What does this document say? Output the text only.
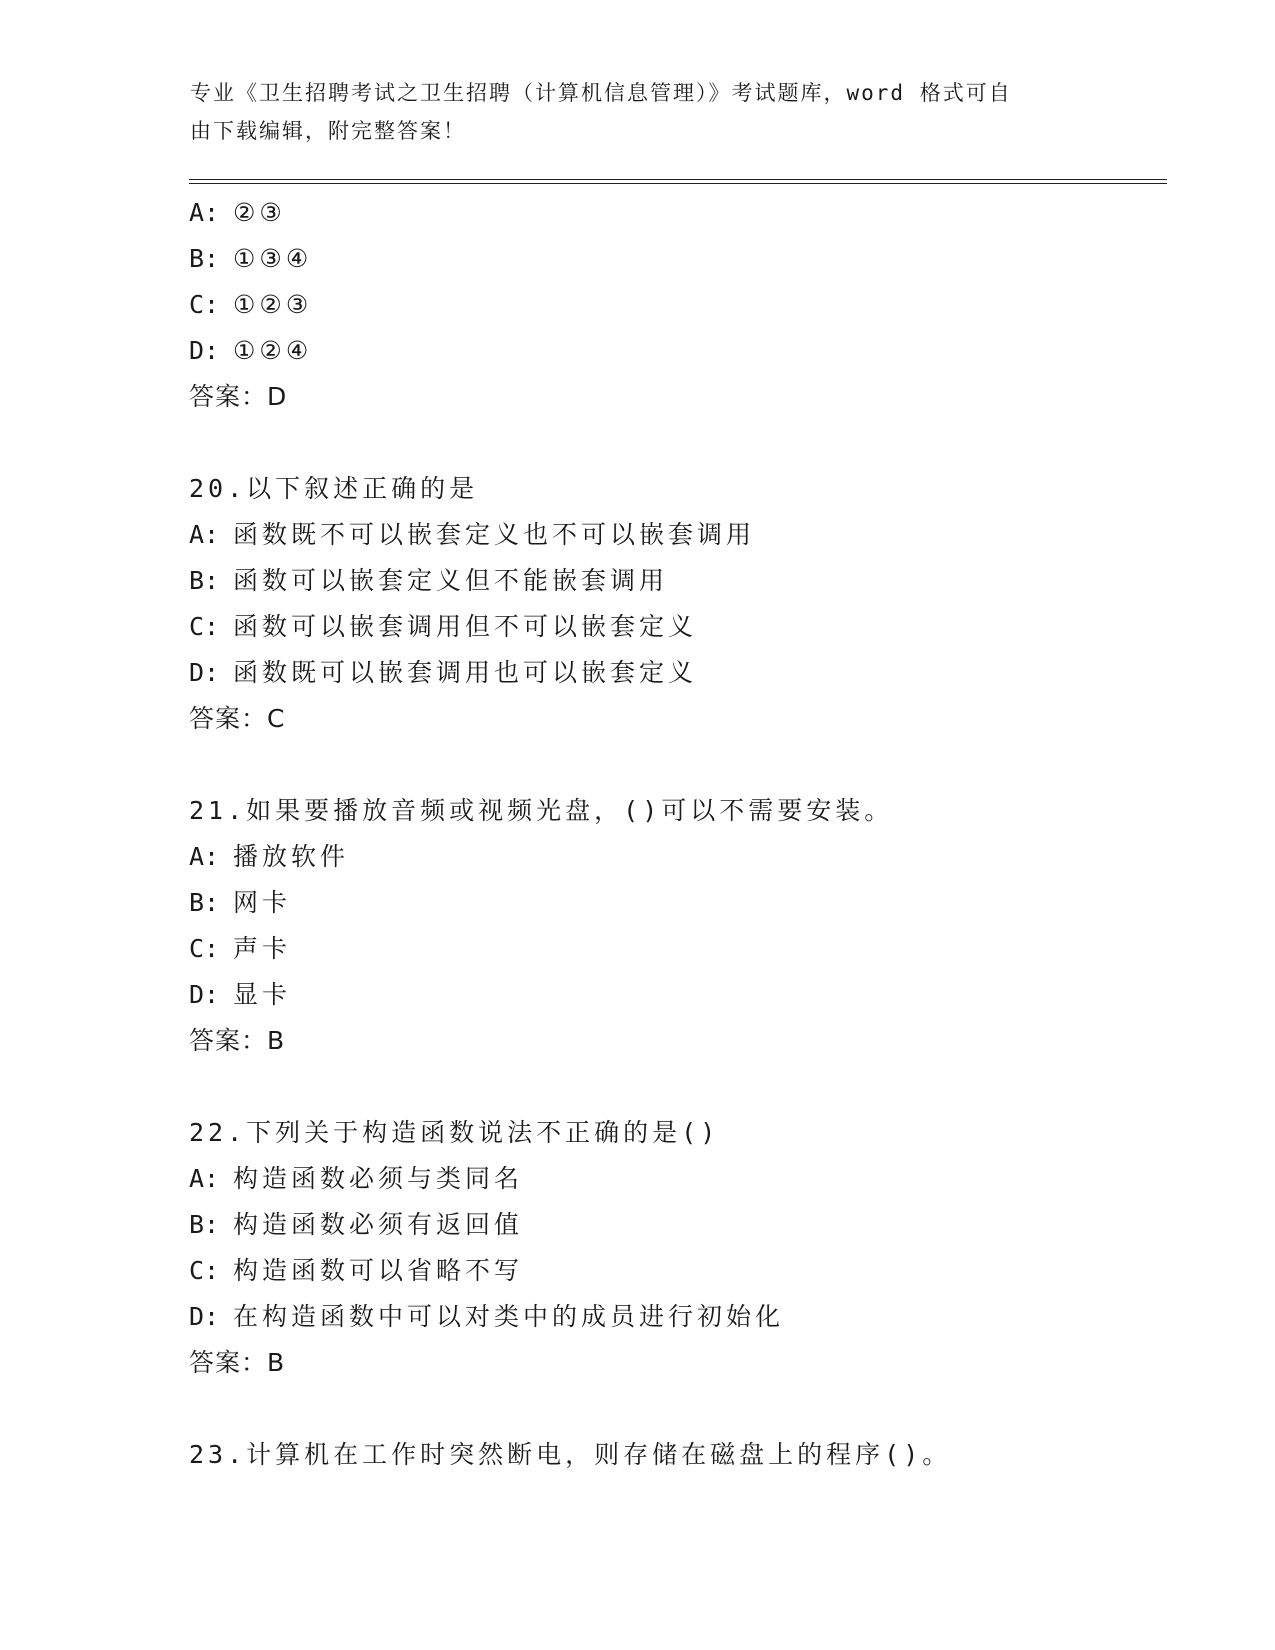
专业《卫生招聘考试之卫生招聘（计算机信息管理）》考试题库，word 格式可自
由下载编辑，附完整答案！
A: ②③
B: ①③④
C: ①②③
D: ①②④
答案：D
20.以下叙述正确的是
A: 函数既不可以嵌套定义也不可以嵌套调用
B: 函数可以嵌套定义但不能嵌套调用
C: 函数可以嵌套调用但不可以嵌套定义
D: 函数既可以嵌套调用也可以嵌套定义
答案：C
21.如果要播放音频或视频光盘，()可以不需要安装。
A: 播放软件
B: 网卡
C: 声卡
D: 显卡
答案：B
22.下列关于构造函数说法不正确的是()
A: 构造函数必须与类同名
B: 构造函数必须有返回值
C: 构造函数可以省略不写
D: 在构造函数中可以对类中的成员进行初始化
答案：B
23.计算机在工作时突然断电，则存储在磁盘上的程序()。
